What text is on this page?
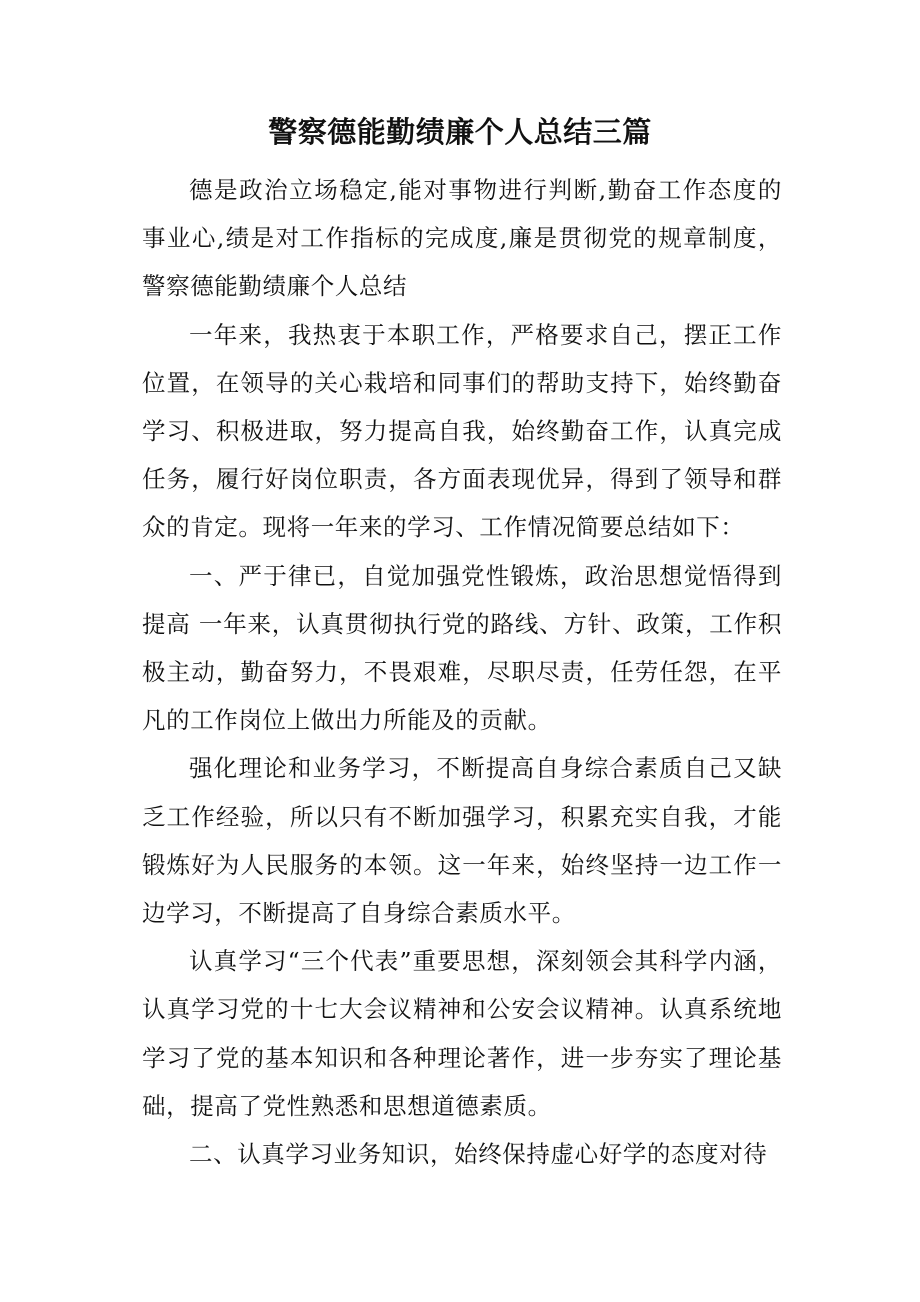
警察德能勤绩廉个人总结三篇

德是政治立场稳定,能对事物进行判断,勤奋工作态度的事业心,绩是对工作指标的完成度,廉是贯彻党的规章制度，警察德能勤绩廉个人总结

一年来，我热衷于本职工作，严格要求自己，摆正工作位置，在领导的关心栽培和同事们的帮助支持下，始终勤奋学习、积极进取，努力提高自我，始终勤奋工作，认真完成任务，履行好岗位职责，各方面表现优异，得到了领导和群众的肯定。现将一年来的学习、工作情况简要总结如下：

一、严于律已，自觉加强党性锻炼，政治思想觉悟得到提高 一年来，认真贯彻执行党的路线、方针、政策，工作积极主动，勤奋努力，不畏艰难，尽职尽责，任劳任怨，在平凡的工作岗位上做出力所能及的贡献。

强化理论和业务学习，不断提高自身综合素质自己又缺乏工作经验，所以只有不断加强学习，积累充实自我，才能锻炼好为人民服务的本领。这一年来，始终坚持一边工作一边学习，不断提高了自身综合素质水平。

认真学习“三个代表”重要思想，深刻领会其科学内涵，认真学习党的十七大会议精神和公安会议精神。认真系统地学习了党的基本知识和各种理论著作，进一步夯实了理论基础，提高了党性熟悉和思想道德素质。

二、认真学习业务知识，始终保持虚心好学的态度对待
